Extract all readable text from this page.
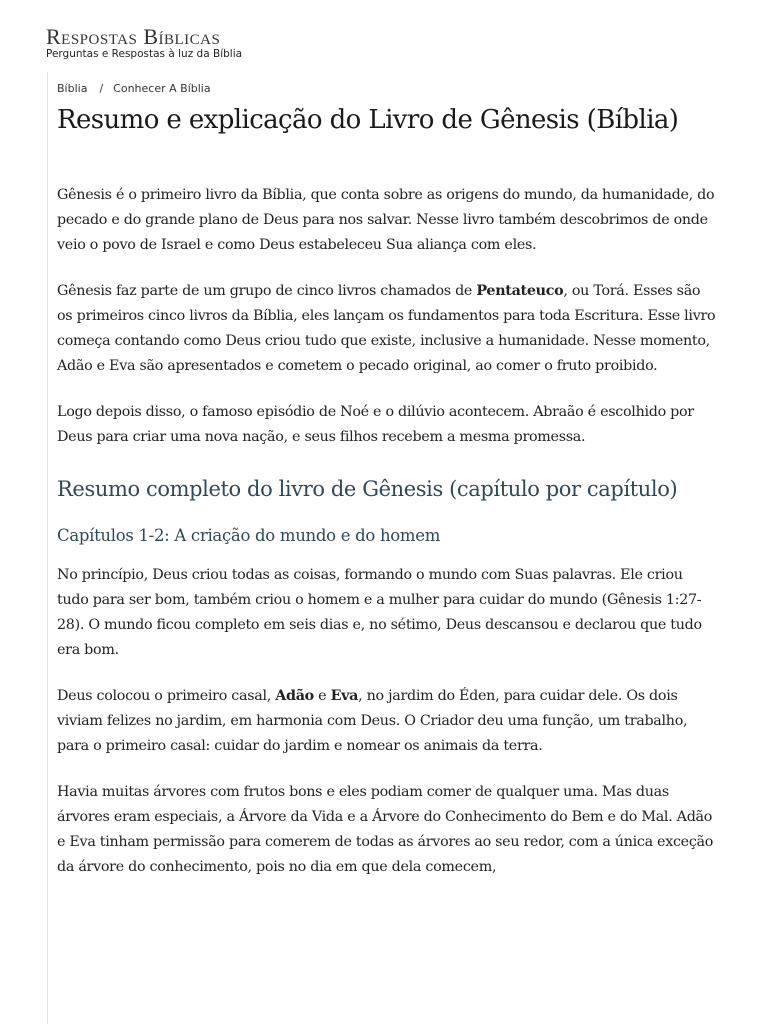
Respostas Bíblicas
Perguntas e Respostas à luz da Bíblia
Bíblia / Conhecer A Bíblia
Resumo e explicação do Livro de Gênesis (Bíblia)

Gênesis é o primeiro livro da Bíblia, que conta sobre as origens do mundo, da humanidade, do pecado e do grande plano de Deus para nos salvar. Nesse livro também descobrimos de onde veio o povo de Israel e como Deus estabeleceu Sua aliança com eles.

Gênesis faz parte de um grupo de cinco livros chamados de Pentateuco, ou Torá. Esses são os primeiros cinco livros da Bíblia, eles lançam os fundamentos para toda Escritura. Esse livro começa contando como Deus criou tudo que existe, inclusive a humanidade. Nesse momento, Adão e Eva são apresentados e cometem o pecado original, ao comer o fruto proibido.

Logo depois disso, o famoso episódio de Noé e o dilúvio acontecem. Abraão é escolhido por Deus para criar uma nova nação, e seus filhos recebem a mesma promessa.

Resumo completo do livro de Gênesis (capítulo por capítulo)
Capítulos 1-2: A criação do mundo e do homem

No princípio, Deus criou todas as coisas, formando o mundo com Suas palavras. Ele criou tudo para ser bom, também criou o homem e a mulher para cuidar do mundo (Gênesis 1:27-28). O mundo ficou completo em seis dias e, no sétimo, Deus descansou e declarou que tudo era bom.

Deus colocou o primeiro casal, Adão e Eva, no jardim do Éden, para cuidar dele. Os dois viviam felizes no jardim, em harmonia com Deus. O Criador deu uma função, um trabalho, para o primeiro casal: cuidar do jardim e nomear os animais da terra.

Havia muitas árvores com frutos bons e eles podiam comer de qualquer uma. Mas duas árvores eram especiais, a Árvore da Vida e a Árvore do Conhecimento do Bem e do Mal. Adão e Eva tinham permissão para comerem de todas as árvores ao seu redor, com a única exceção da árvore do conhecimento, pois no dia em que dela comecem,
